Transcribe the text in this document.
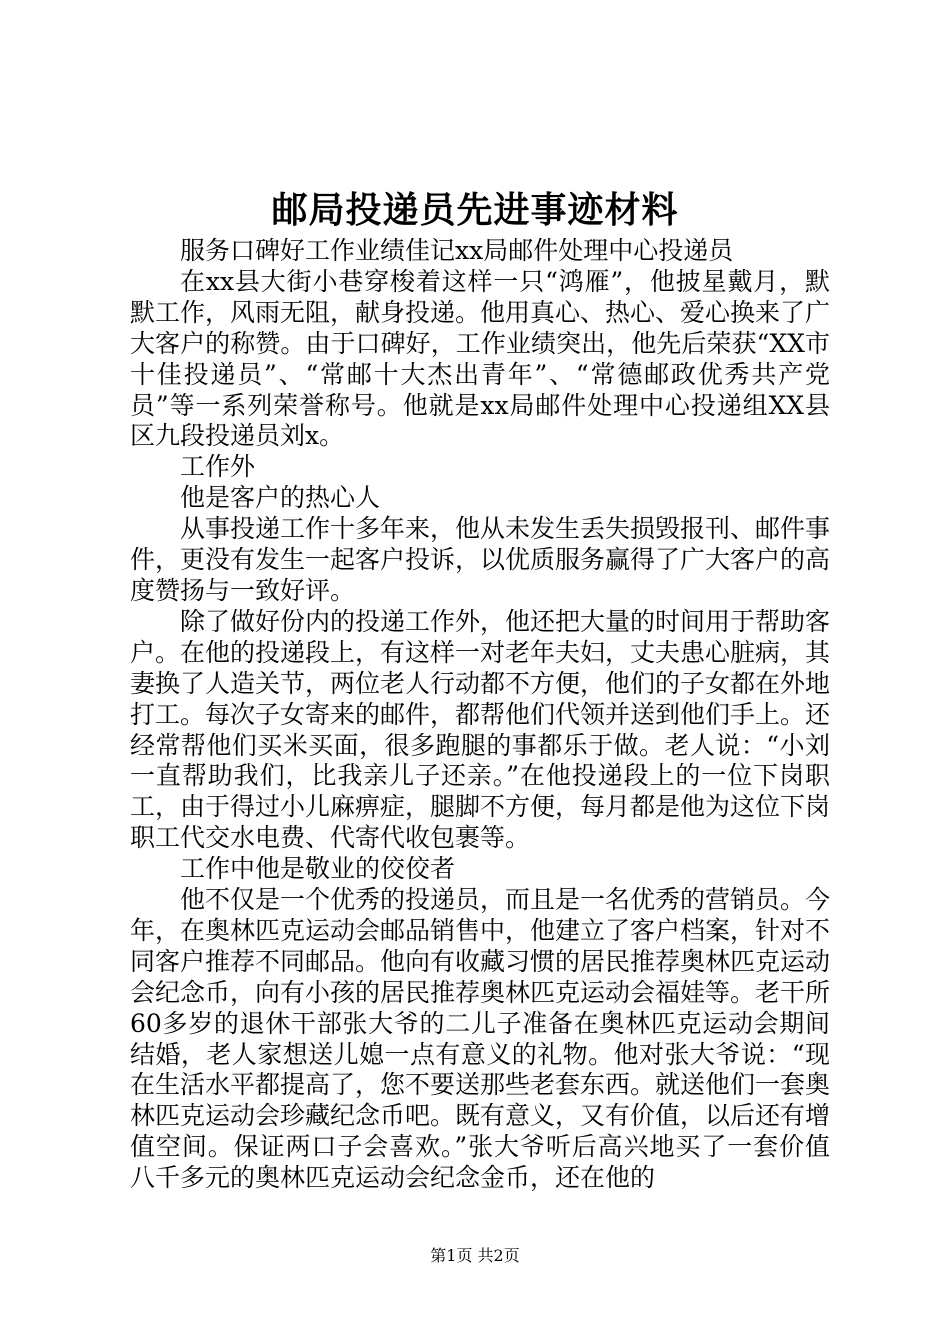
邮局投递员先进事迹材料

服务口碑好工作业绩佳记xx局邮件处理中心投递员

在xx县大街小巷穿梭着这样一只“鸿雁”，他披星戴月，默默工作，风雨无阻，献身投递。他用真心、热心、爱心换来了广大客户的称赞。由于口碑好，工作业绩突出，他先后荣获“XX市十佳投递员”、“常邮十大杰出青年”、“常德邮政优秀共产党员”等一系列荣誉称号。他就是xx局邮件处理中心投递组XX县区九段投递员刘x。

工作外

他是客户的热心人

从事投递工作十多年来，他从未发生丢失损毁报刊、邮件事件，更没有发生一起客户投诉，以优质服务赢得了广大客户的高度赞扬与一致好评。

除了做好份内的投递工作外，他还把大量的时间用于帮助客户。在他的投递段上，有这样一对老年夫妇，丈夫患心脏病，其妻换了人造关节，两位老人行动都不方便，他们的子女都在外地打工。每次子女寄来的邮件，都帮他们代领并送到他们手上。还经常帮他们买米买面，很多跑腿的事都乐于做。老人说：“小刘一直帮助我们，比我亲儿子还亲。”在他投递段上的一位下岗职工，由于得过小儿麻痹症，腿脚不方便，每月都是他为这位下岗职工代交水电费、代寄代收包裹等。

工作中他是敬业的佼佼者

他不仅是一个优秀的投递员，而且是一名优秀的营销员。今年，在奥林匹克运动会邮品销售中，他建立了客户档案，针对不同客户推荐不同邮品。他向有收藏习惯的居民推荐奥林匹克运动会纪念币，向有小孩的居民推荐奥林匹克运动会福娃等。老干所60多岁的退休干部张大爷的二儿子准备在奥林匹克运动会期间结婚，老人家想送儿媳一点有意义的礼物。他对张大爷说：“现在生活水平都提高了，您不要送那些老套东西。就送他们一套奥林匹克运动会珍藏纪念币吧。既有意义，又有价值，以后还有增值空间。保证两口子会喜欢。”张大爷听后高兴地买了一套价值八千多元的奥林匹克运动会纪念金币，还在他的

第1页 共2页
